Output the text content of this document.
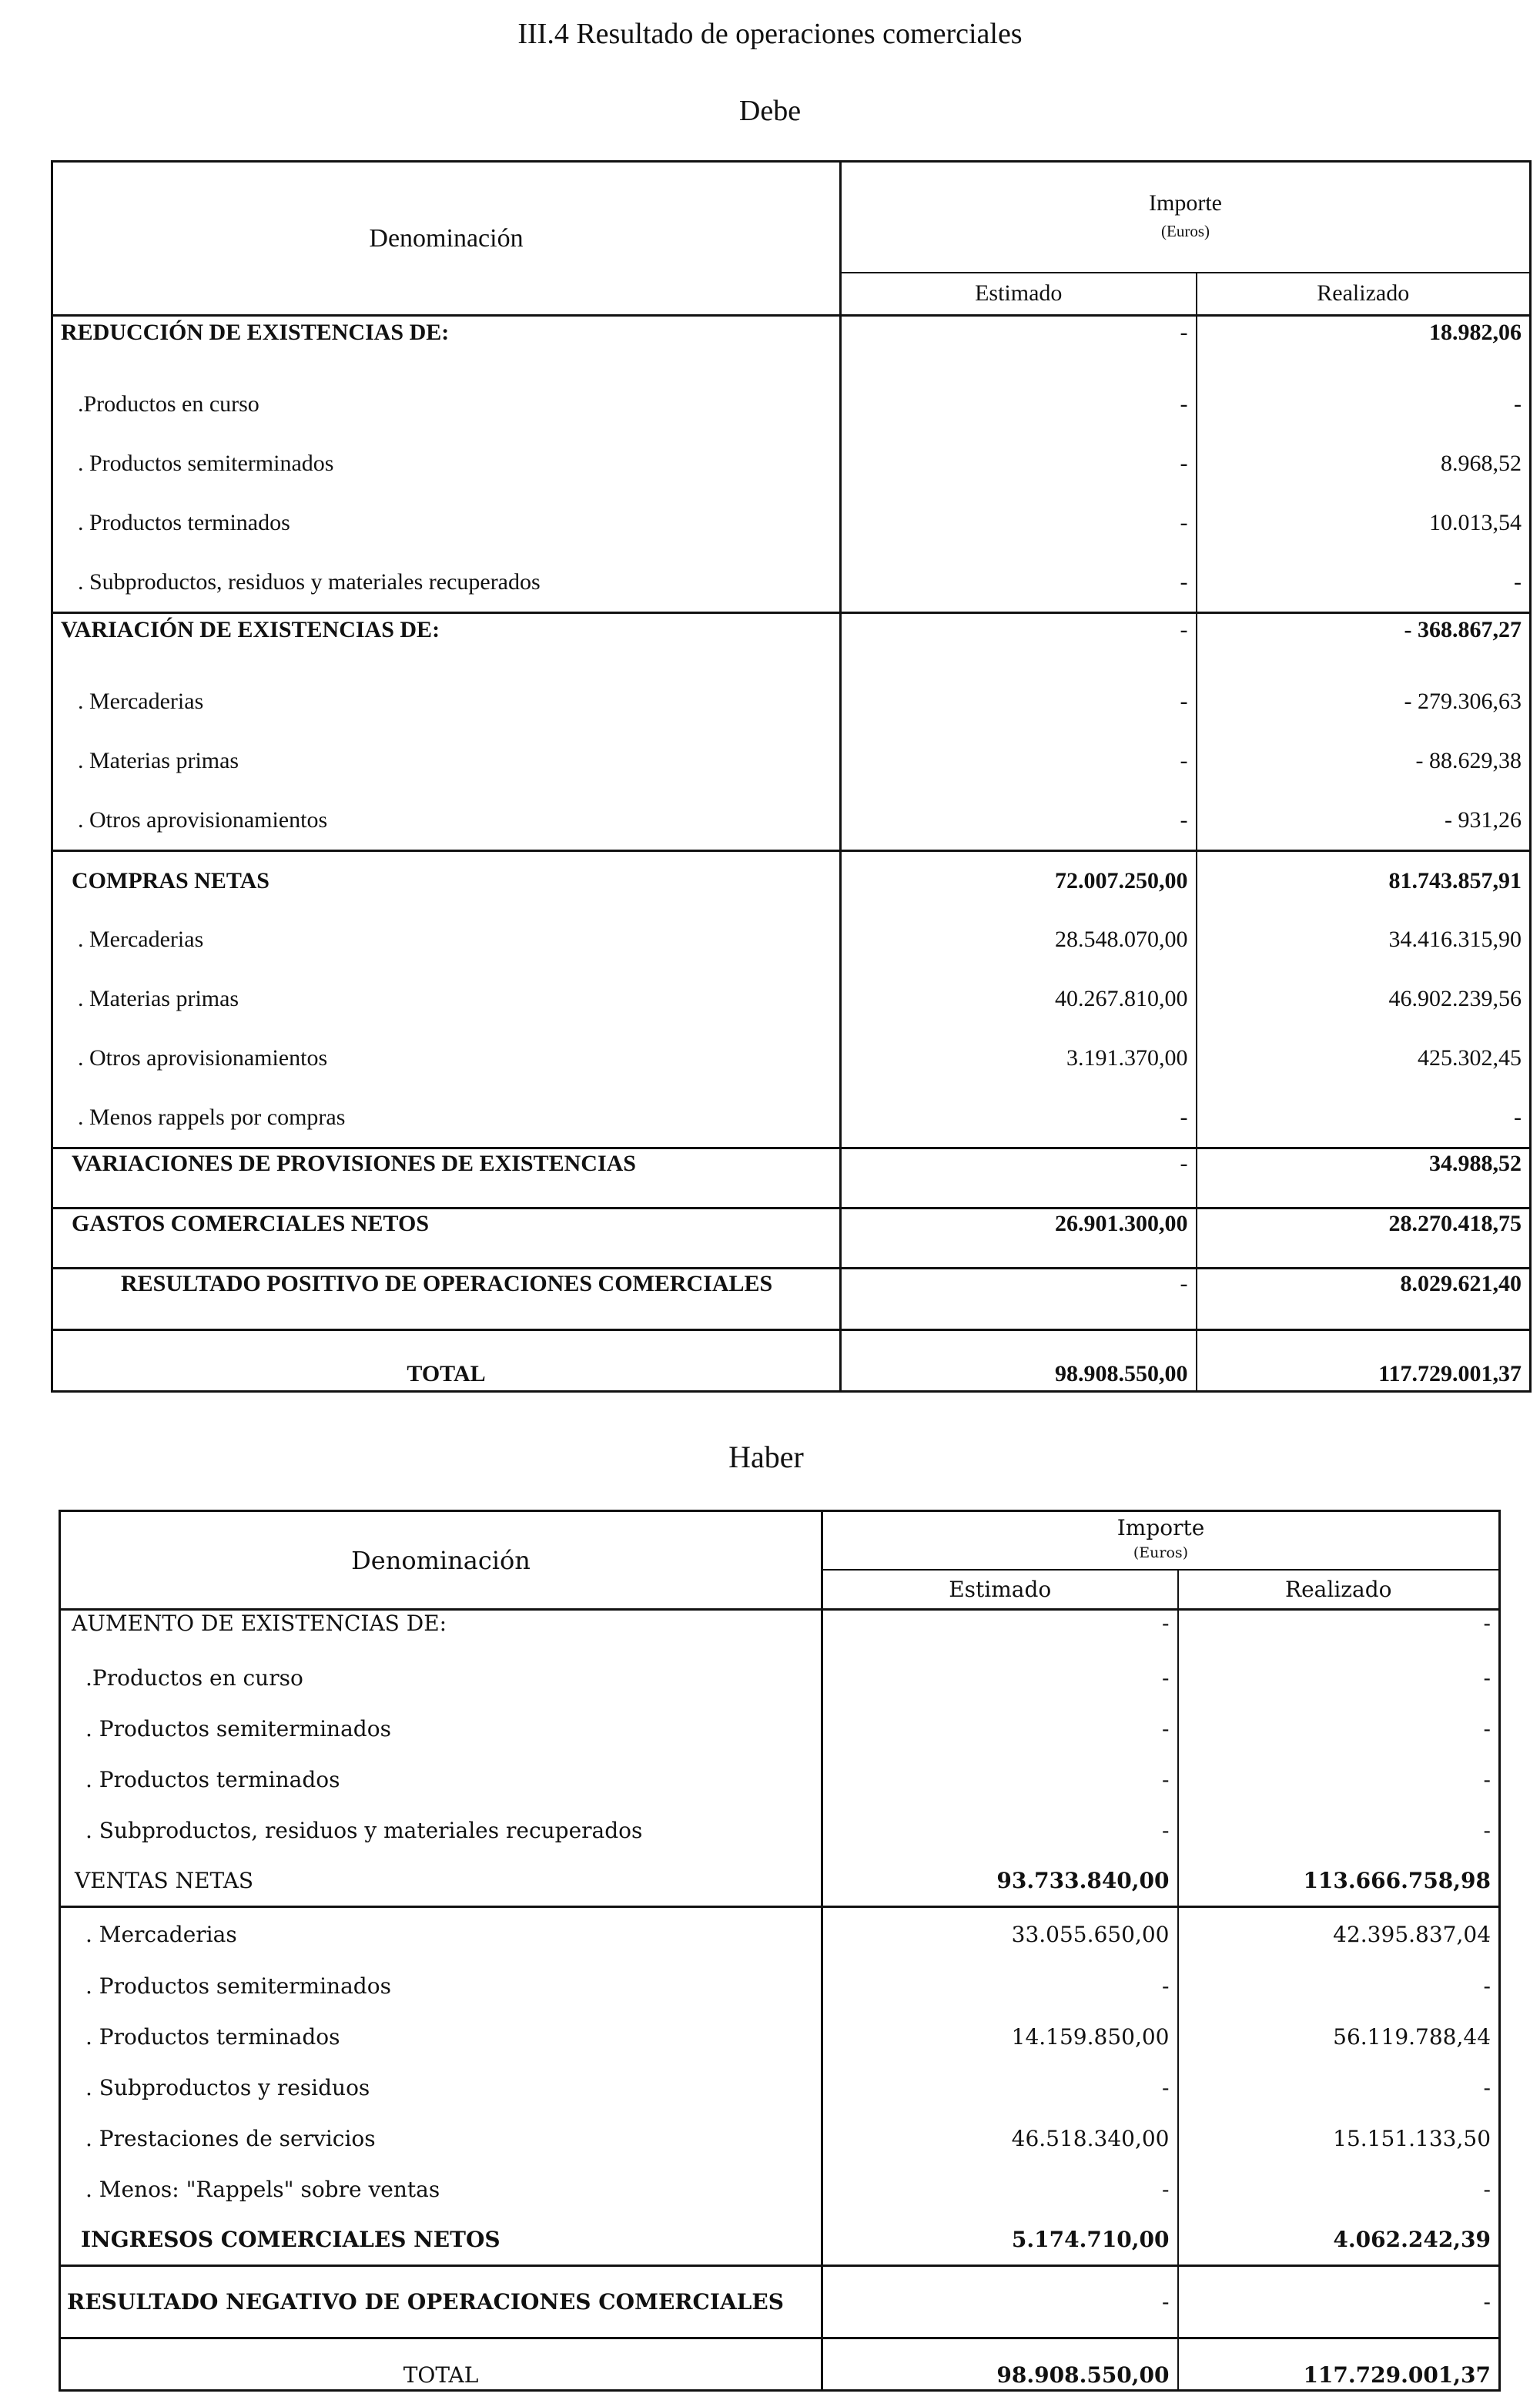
III.4 Resultado de operaciones comerciales
Debe
Denominación	Importe
(Euros)	

	Estimado	Realizado
REDUCCIÓN DE EXISTENCIAS DE:	-	18.982,06
.Productos en curso	-	-
. Productos semiterminados	-	8.968,52
. Productos terminados	-	10.013,54
. Subproductos, residuos y materiales recuperados	-	-
VARIACIÓN DE EXISTENCIAS DE:	-	- 368.867,27
. Mercaderias	-	- 279.306,63
. Materias primas	-	- 88.629,38
. Otros aprovisionamientos	-	- 931,26
COMPRAS NETAS	72.007.250,00	81.743.857,91
. Mercaderias	28.548.070,00	34.416.315,90
. Materias primas	40.267.810,00	46.902.239,56
. Otros aprovisionamientos	3.191.370,00	425.302,45
. Menos rappels por compras	-	-
VARIACIONES DE PROVISIONES DE EXISTENCIAS	-	34.988,52
GASTOS COMERCIALES NETOS	26.901.300,00	28.270.418,75
RESULTADO POSITIVO DE OPERACIONES COMERCIALES	-	8.029.621,40
TOTAL	98.908.550,00	117.729.001,37
Haber
Denominación	Importe
(Euros)	

	Estimado	Realizado
AUMENTO DE EXISTENCIAS DE:	-	-
.Productos en curso	-	-
. Productos semiterminados	-	-
. Productos terminados	-	-
. Subproductos, residuos y materiales recuperados	-	-
VENTAS NETAS	93.733.840,00	113.666.758,98
. Mercaderias	33.055.650,00	42.395.837,04
. Productos semiterminados	-	-
. Productos terminados	14.159.850,00	56.119.788,44
. Subproductos y residuos	-	-
. Prestaciones de servicios	46.518.340,00	15.151.133,50
. Menos: "Rappels" sobre ventas	-	-
INGRESOS COMERCIALES NETOS	5.174.710,00	4.062.242,39
RESULTADO NEGATIVO DE OPERACIONES COMERCIALES	-	-
TOTAL	98.908.550,00	117.729.001,37
